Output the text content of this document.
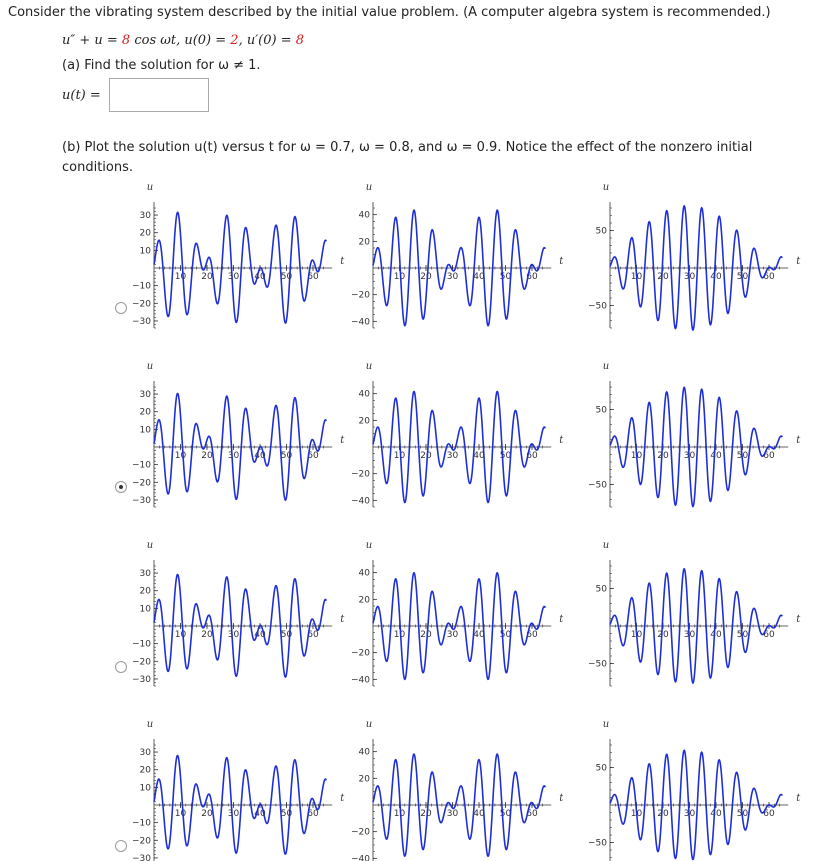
Consider the vibrating system described by the initial value problem. (A computer algebra system is recommended.)
u″ + u = 8 cos ωt, u(0) = 2, u′(0) = 8
(a) Find the solution for ω ≠ 1.
u(t) =
(b) Plot the solution u(t) versus t for ω = 0.7, ω = 0.8, and ω = 0.9. Notice the effect of the nonzero initial
conditions.
10 20 30 40 50 60
−30
−20
−10
10
20
30
u
t
10 20 30 40 50 60
−40
−20
20
40
u
t
10 20 30 40 50 60
−50
50
u
t
10 20 30 40 50 60
−30
−20
−10
10
20
30
u
t
10 20 30 40 50 60
−40
−20
20
40
u
t
10 20 30 40 50 60
−50
50
u
t
10 20 30 40 50 60
−30
−20
−10
10
20
30
u
t
10 20 30 40 50 60
−40
−20
20
40
u
t
10 20 30 40 50 60
−50
50
u
t
10 20 30 40 50 60
−30
−20
−10
10
20
30
u
t
10 20 30 40 50 60
−40
−20
20
40
u
t
10 20 30 40 50 60
−50
50
u
t
